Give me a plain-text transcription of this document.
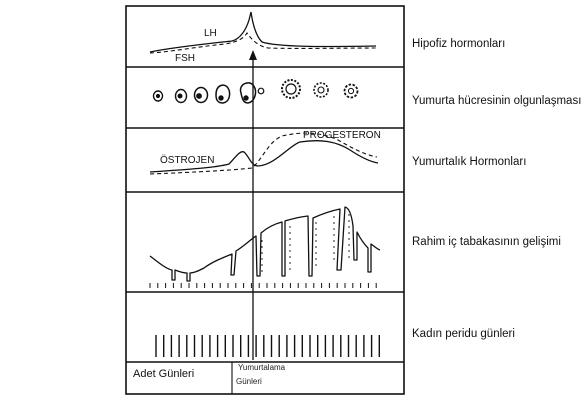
LH
FSH
ÖSTROJEN
PROGESTERON
Hipofiz hormonları
Yumurta hücresinin olgunlaşması
Yumurtalık Hormonları
Rahim iç tabakasının gelişimi
Kadın peridu günleri
Adet Günleri
Yumurtalama
Günleri
